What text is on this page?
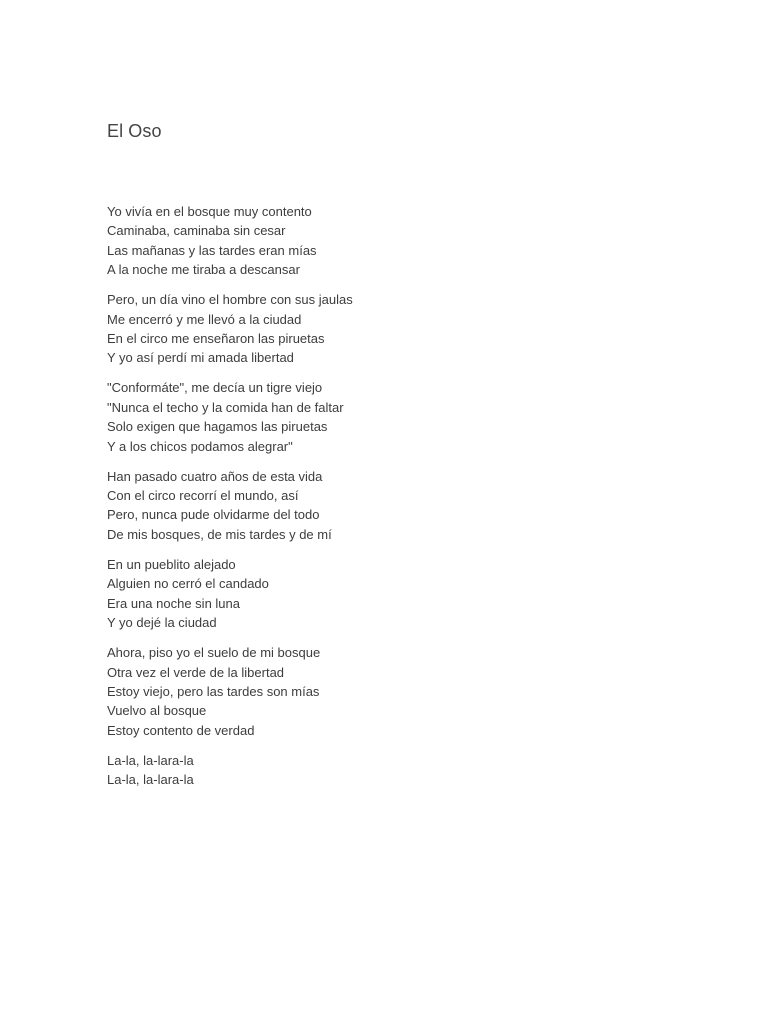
El Oso
Yo vivía en el bosque muy contento
Caminaba, caminaba sin cesar
Las mañanas y las tardes eran mías
A la noche me tiraba a descansar
Pero, un día vino el hombre con sus jaulas
Me encerró y me llevó a la ciudad
En el circo me enseñaron las piruetas
Y yo así perdí mi amada libertad
"Conformáte", me decía un tigre viejo
"Nunca el techo y la comida han de faltar
Solo exigen que hagamos las piruetas
Y a los chicos podamos alegrar"
Han pasado cuatro años de esta vida
Con el circo recorrí el mundo, así
Pero, nunca pude olvidarme del todo
De mis bosques, de mis tardes y de mí
En un pueblito alejado
Alguien no cerró el candado
Era una noche sin luna
Y yo dejé la ciudad
Ahora, piso yo el suelo de mi bosque
Otra vez el verde de la libertad
Estoy viejo, pero las tardes son mías
Vuelvo al bosque
Estoy contento de verdad
La-la, la-lara-la
La-la, la-lara-la
